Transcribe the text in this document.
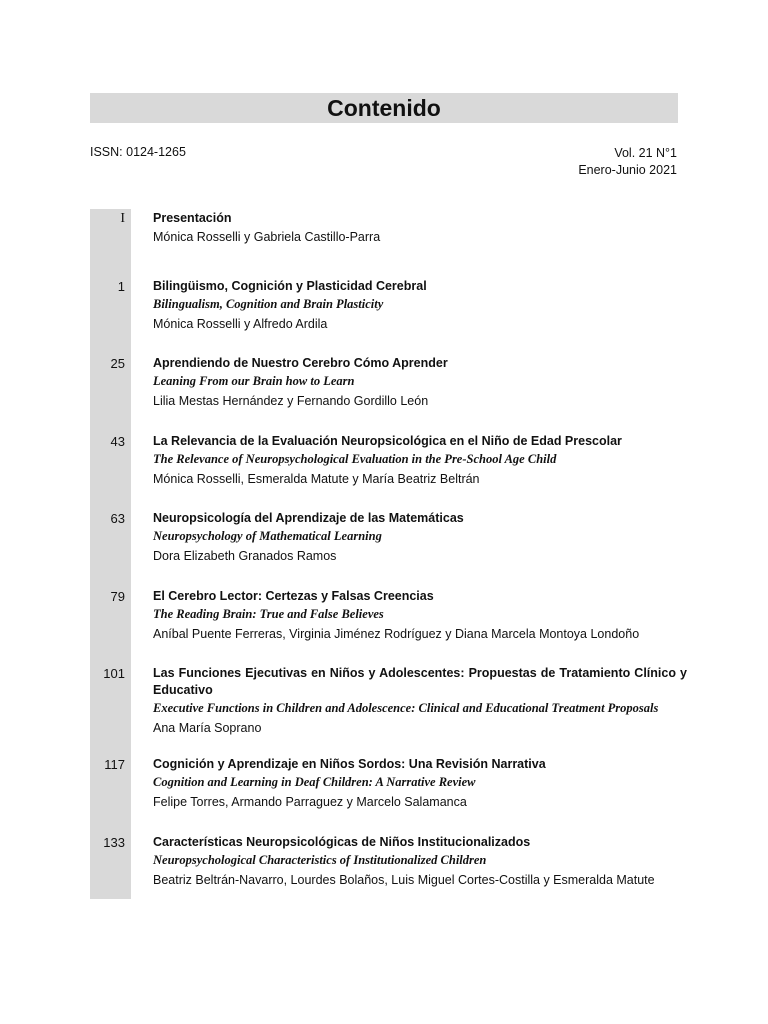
Contenido
ISSN: 0124-1265	Vol. 21 N°1
Enero-Junio 2021
I Presentación
Mónica Rosselli y Gabriela Castillo-Parra
1 Bilingüismo, Cognición y Plasticidad Cerebral
Bilingualism, Cognition and Brain Plasticity
Mónica Rosselli y Alfredo Ardila
25 Aprendiendo de Nuestro Cerebro Cómo Aprender
Leaning From our Brain how to Learn
Lilia Mestas Hernández y Fernando Gordillo León
43 La Relevancia de la Evaluación Neuropsicológica en el Niño de Edad Prescolar
The Relevance of Neuropsychological Evaluation in the Pre-School Age Child
Mónica Rosselli, Esmeralda Matute y María Beatriz Beltrán
63 Neuropsicología del Aprendizaje de las Matemáticas
Neuropsychology of Mathematical Learning
Dora Elizabeth Granados Ramos
79 El Cerebro Lector: Certezas y Falsas Creencias
The Reading Brain: True and False Believes
Aníbal Puente Ferreras, Virginia Jiménez Rodríguez y Diana Marcela Montoya Londoño
101 Las Funciones Ejecutivas en Niños y Adolescentes: Propuestas de Tratamiento Clínico y Educativo
Executive Functions in Children and Adolescence: Clinical and Educational Treatment Proposals
Ana María Soprano
117 Cognición y Aprendizaje en Niños Sordos: Una Revisión Narrativa
Cognition and Learning in Deaf Children: A Narrative Review
Felipe Torres, Armando Parraguez y Marcelo Salamanca
133 Características Neuropsicológicas de Niños Institucionalizados
Neuropsychological Characteristics of Institutionalized Children
Beatriz Beltrán-Navarro, Lourdes Bolaños, Luis Miguel Cortes-Costilla y Esmeralda Matute
